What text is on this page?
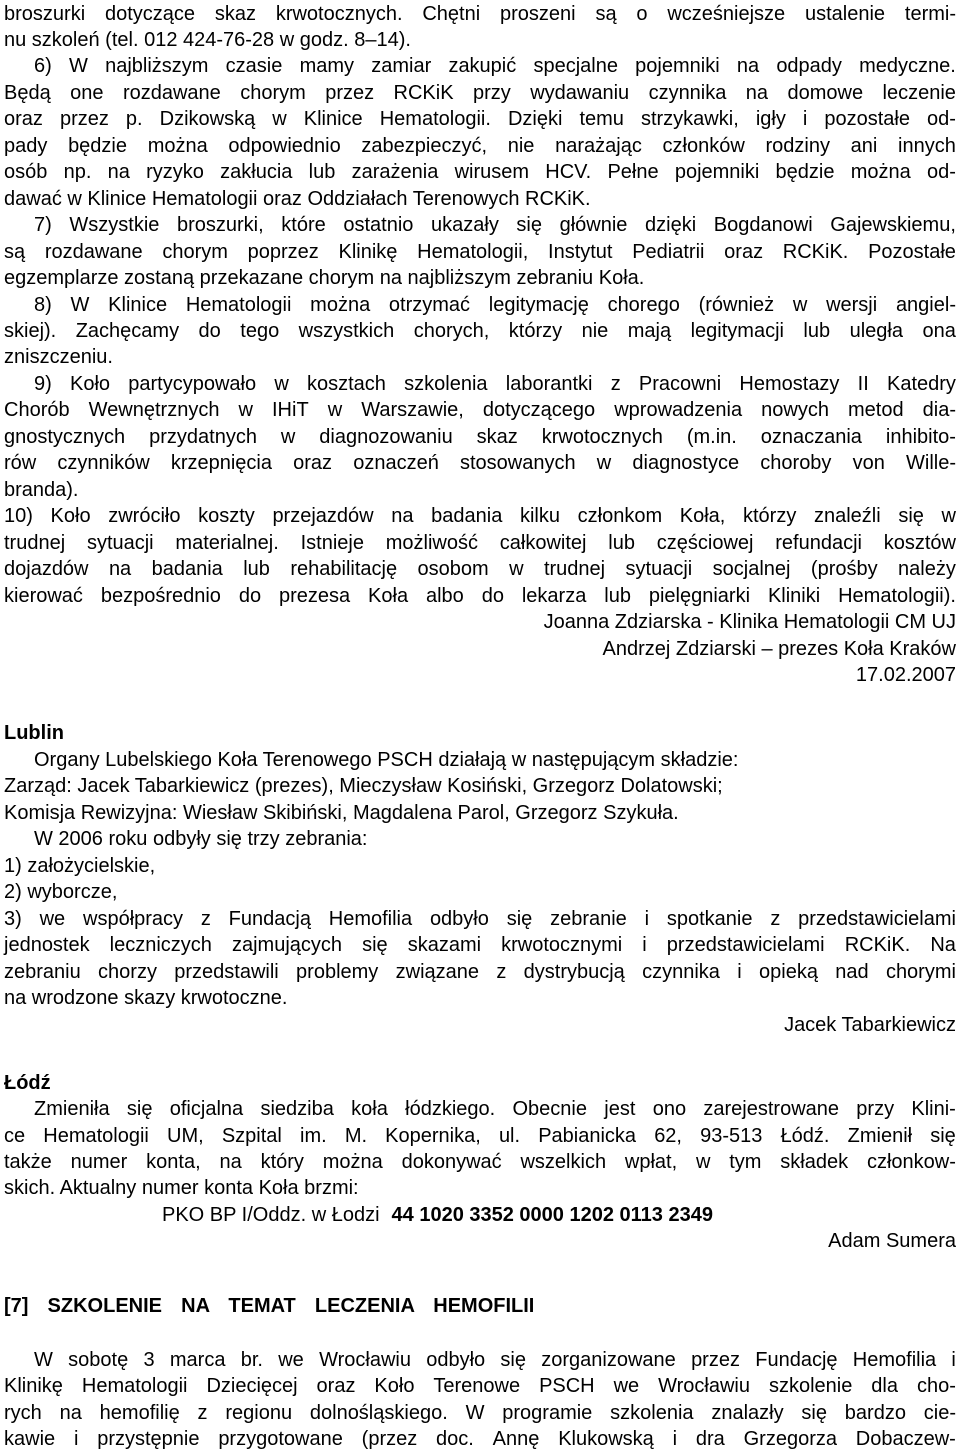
broszurki dotyczące skaz krwotocznych. Chętni proszeni są o wcześniejsze ustalenie termi-
nu szkoleń (tel. 012 424-76-28 w godz. 8–14).
6) W najbliższym czasie mamy zamiar zakupić specjalne pojemniki na odpady medyczne.
Będą one rozdawane chorym przez RCKiK przy wydawaniu czynnika na domowe leczenie
oraz przez p. Dzikowską w Klinice Hematologii. Dzięki temu strzykawki, igły i pozostałe od-
pady będzie można odpowiednio zabezpieczyć, nie narażając członków rodziny ani innych
osób np. na ryzyko zakłucia lub zarażenia wirusem HCV. Pełne pojemniki będzie można od-
dawać w Klinice Hematologii oraz Oddziałach Terenowych RCKiK.
7) Wszystkie broszurki, które ostatnio ukazały się głównie dzięki Bogdanowi Gajewskiemu,
są rozdawane chorym poprzez Klinikę Hematologii, Instytut Pediatrii oraz RCKiK. Pozostałe
egzemplarze zostaną przekazane chorym na najbliższym zebraniu Koła.
8) W Klinice Hematologii można otrzymać legitymację chorego (również w wersji angiel-
skiej). Zachęcamy do tego wszystkich chorych, którzy nie mają legitymacji lub uległa ona
zniszczeniu.
9) Koło partycypowało w kosztach szkolenia laborantki z Pracowni Hemostazy II Katedry
Chorób Wewnętrznych w IHiT w Warszawie, dotyczącego wprowadzenia nowych metod dia-
gnostycznych przydatnych w diagnozowaniu skaz krwotocznych (m.in. oznaczania inhibito-
rów czynników krzepnięcia oraz oznaczeń stosowanych w diagnostyce choroby von Wille-
branda).
10) Koło zwróciło koszty przejazdów na badania kilku członkom Koła, którzy znaleźli się w
trudnej sytuacji materialnej. Istnieje możliwość całkowitej lub częściowej refundacji kosztów
dojazdów na badania lub rehabilitację osobom w trudnej sytuacji socjalnej (prośby należy
kierować bezpośrednio do prezesa Koła albo do lekarza lub pielęgniarki Kliniki Hematologii).
Joanna Zdziarska - Klinika Hematologii CM UJ
Andrzej Zdziarski – prezes Koła Kraków
17.02.2007
Lublin
Organy Lubelskiego Koła Terenowego PSCH działają w następującym składzie:
Zarząd: Jacek Tabarkiewicz (prezes), Mieczysław Kosiński, Grzegorz Dolatowski;
Komisja Rewizyjna: Wiesław Skibiński, Magdalena Parol, Grzegorz Szykuła.
W 2006 roku odbyły się trzy zebrania:
1) założycielskie,
2) wyborcze,
3) we współpracy z Fundacją Hemofilia odbyło się zebranie i spotkanie z przedstawicielami
jednostek leczniczych zajmujących się skazami krwotocznymi i przedstawicielami RCKiK. Na
zebraniu chorzy przedstawili problemy związane z dystrybucją czynnika i opieką nad chorymi
na wrodzone skazy krwotoczne.
Jacek Tabarkiewicz
Łódź
Zmieniła się oficjalna siedziba koła łódzkiego. Obecnie jest ono zarejestrowane przy Klini-
ce Hematologii UM, Szpital im. M. Kopernika, ul. Pabianicka 62, 93-513 Łódź. Zmienił się
także numer konta, na który można dokonywać wszelkich wpłat, w tym składek członkow-
skich. Aktualny numer konta Koła brzmi:
Adam Sumera
[7]  SZKOLENIE  NA  TEMAT  LECZENIA  HEMOFILII
W sobotę 3 marca br. we Wrocławiu odbyło się zorganizowane przez Fundację Hemofilia i
Klinikę Hematologii Dziecięcej oraz Koło Terenowe PSCH we Wrocławiu szkolenie dla cho-
rych na hemofilię z regionu dolnośląskiego. W programie szkolenia znalazły się bardzo cie-
kawie i przystępnie przygotowane (przez doc. Annę Klukowską i dra Grzegorza Dobaczew-
PKO BP I/Oddz. w Łodzi 44 1020 3352 0000 1202 0113 2349
